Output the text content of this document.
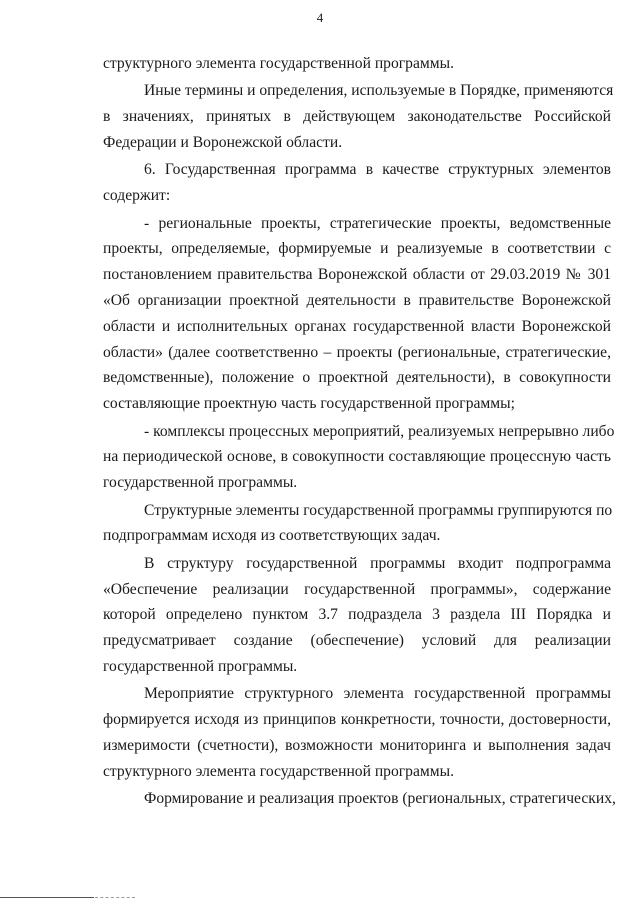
4
структурного элемента государственной программы.
Иные термины и определения, используемые в Порядке, применяются
в значениях, принятых в действующем законодательстве Российской
Федерации и Воронежской области.
6. Государственная программа в качестве структурных элементов
содержит:
- региональные проекты, стратегические проекты, ведомственные
проекты, определяемые, формируемые и реализуемые в соответствии с
постановлением правительства Воронежской области от 29.03.2019 № 301
«Об организации проектной деятельности в правительстве Воронежской
области и исполнительных органах государственной власти Воронежской
области» (далее соответственно – проекты (региональные, стратегические,
ведомственные), положение о проектной деятельности), в совокупности
составляющие проектную часть государственной программы;
- комплексы процессных мероприятий, реализуемых непрерывно либо
на периодической основе, в совокупности составляющие процессную часть
государственной программы.
Структурные элементы государственной программы группируются по
подпрограммам исходя из соответствующих задач.
В структуру государственной программы входит подпрограмма
«Обеспечение реализации государственной программы», содержание
которой определено пунктом 3.7 подраздела 3 раздела III Порядка и
предусматривает создание (обеспечение) условий для реализации
государственной программы.
Мероприятие структурного элемента государственной программы
формируется исходя из принципов конкретности, точности, достоверности,
измеримости (счетности), возможности мониторинга и выполнения задач
структурного элемента государственной программы.
Формирование и реализация проектов (региональных, стратегических,
